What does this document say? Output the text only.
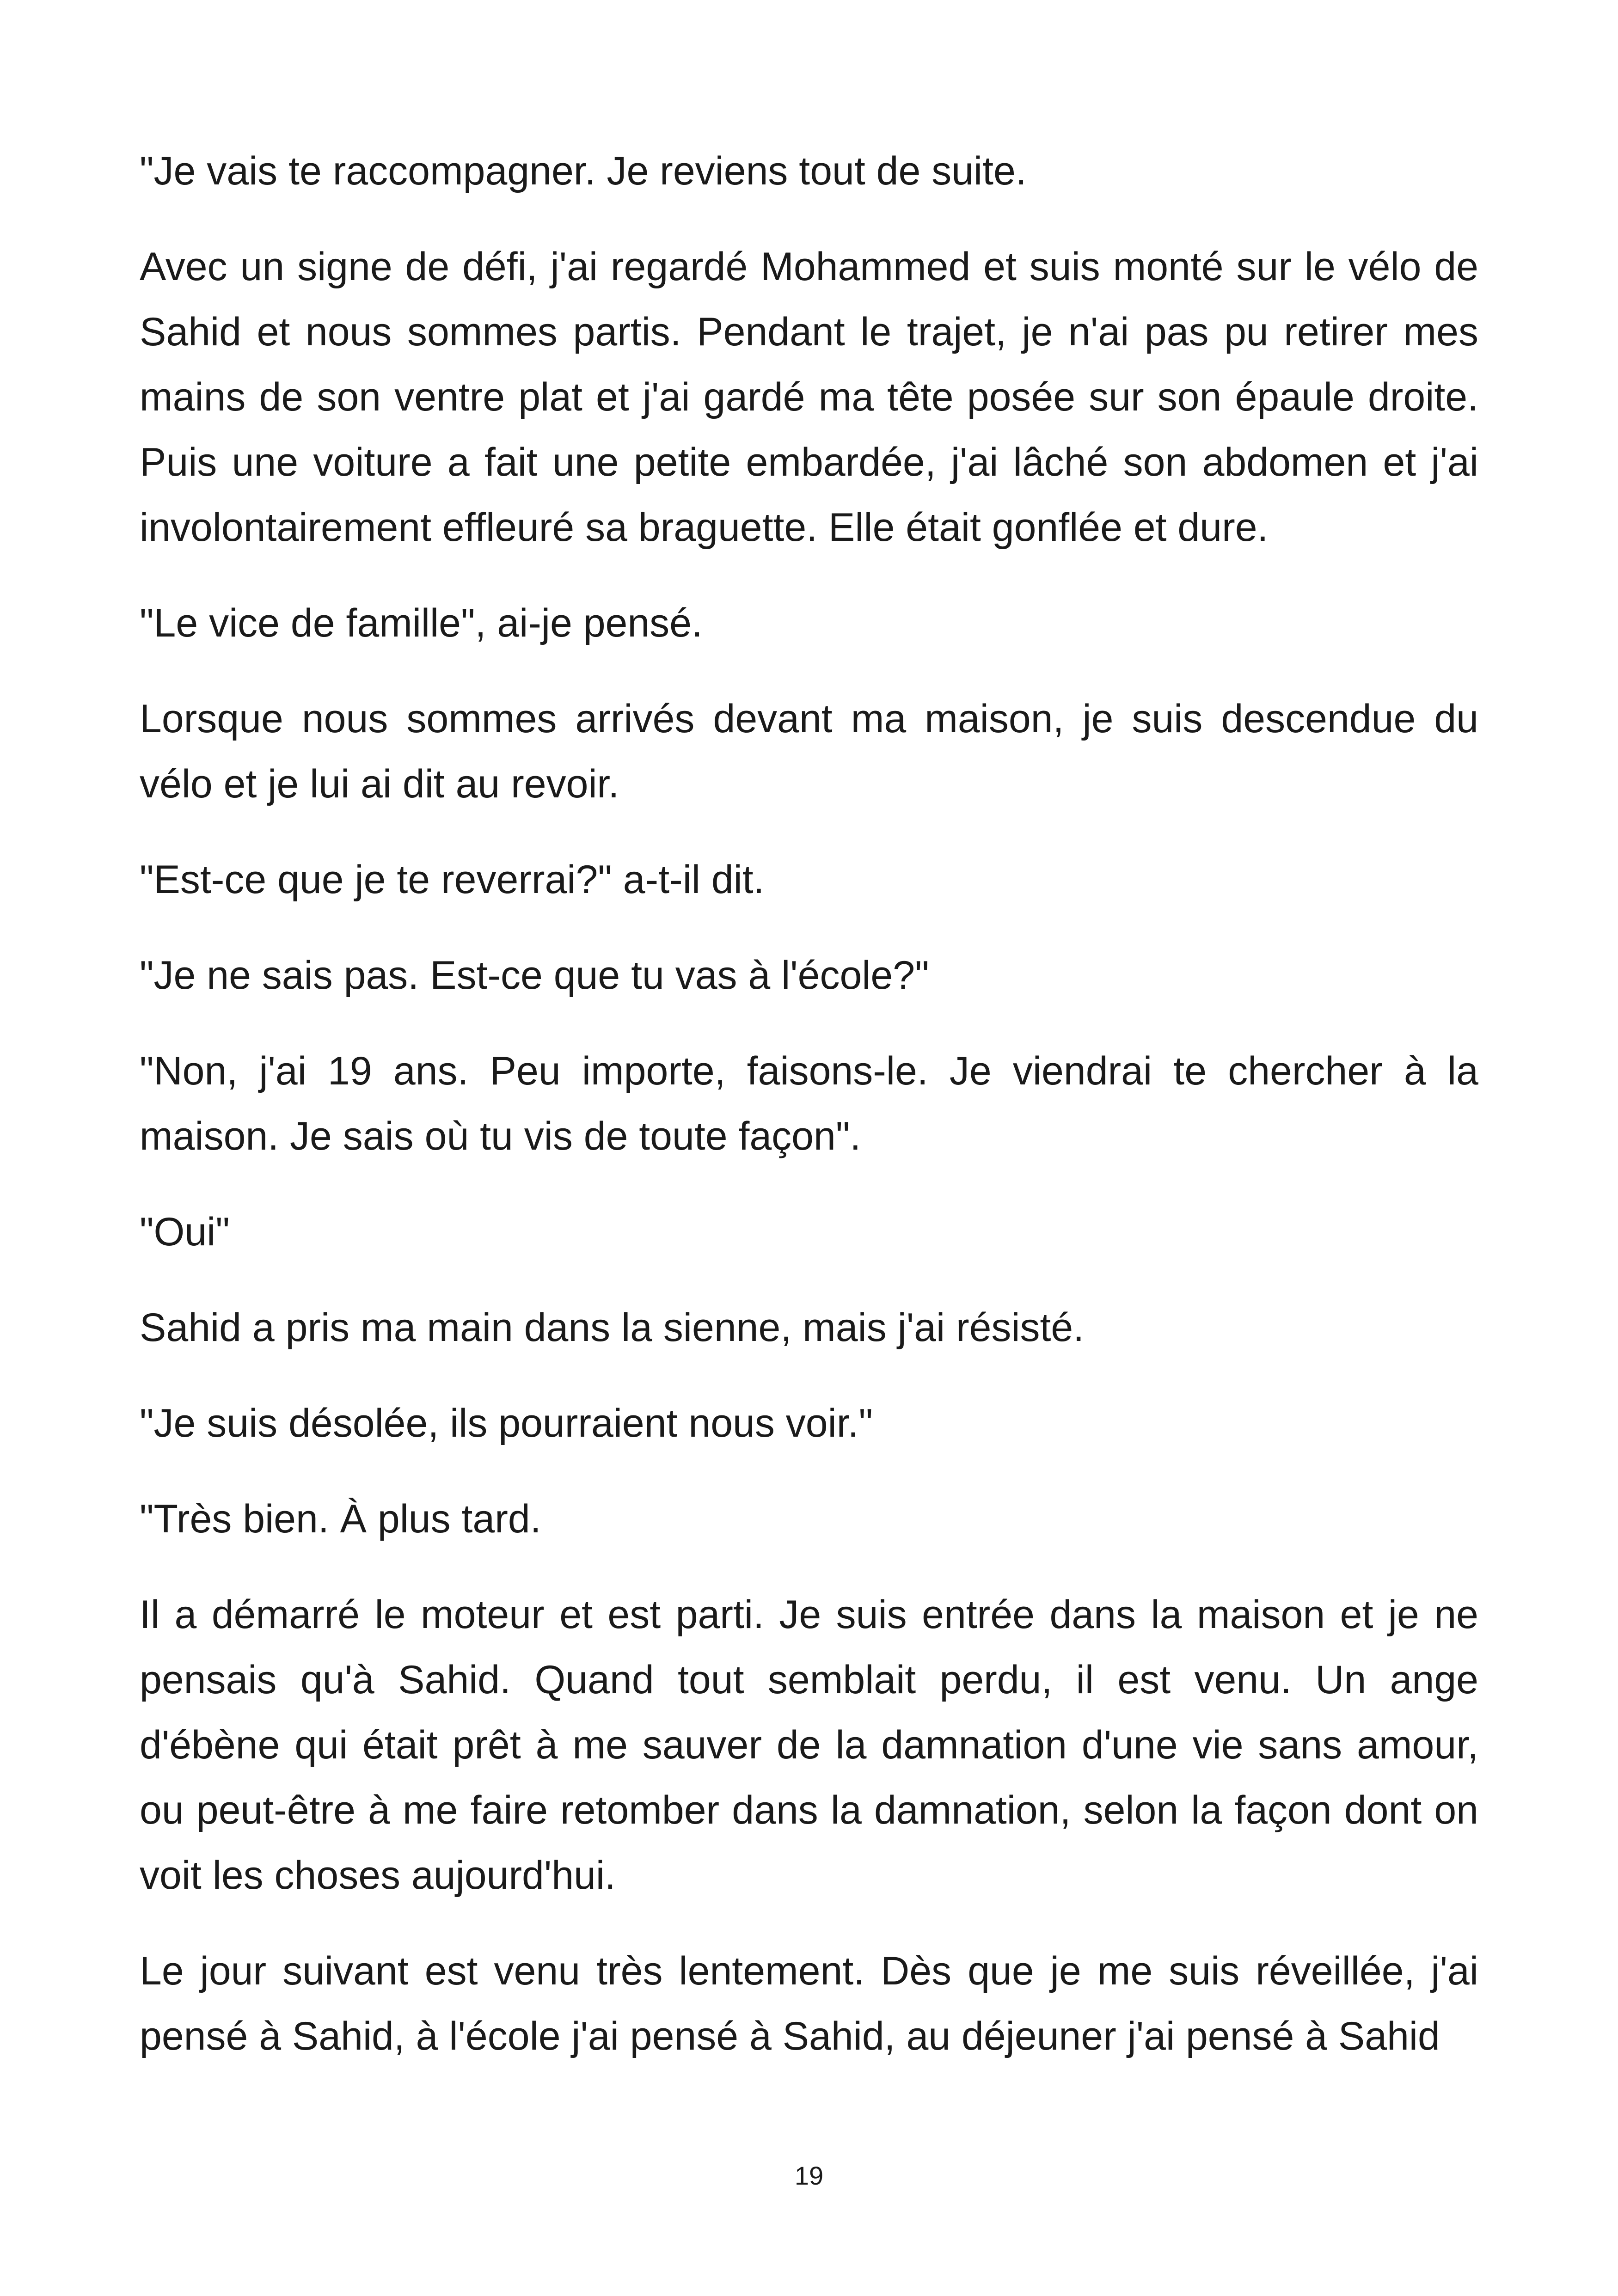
"Je vais te raccompagner. Je reviens tout de suite.

Avec un signe de défi, j'ai regardé Mohammed et suis monté sur le vélo de Sahid et nous sommes partis. Pendant le trajet, je n'ai pas pu retirer mes mains de son ventre plat et j'ai gardé ma tête posée sur son épaule droite. Puis une voiture a fait une petite embardée, j'ai lâché son abdomen et j'ai involontairement effleuré sa braguette. Elle était gonflée et dure.

"Le vice de famille", ai-je pensé.

Lorsque nous sommes arrivés devant ma maison, je suis descendue du vélo et je lui ai dit au revoir.

"Est-ce que je te reverrai?" a-t-il dit.

"Je ne sais pas. Est-ce que tu vas à l'école?"

"Non, j'ai 19 ans. Peu importe, faisons-le. Je viendrai te chercher à la maison. Je sais où tu vis de toute façon".

"Oui"

Sahid a pris ma main dans la sienne, mais j'ai résisté.

"Je suis désolée, ils pourraient nous voir."

"Très bien. À plus tard.

Il a démarré le moteur et est parti. Je suis entrée dans la maison et je ne pensais qu'à Sahid. Quand tout semblait perdu, il est venu. Un ange d'ébène qui était prêt à me sauver de la damnation d'une vie sans amour, ou peut-être à me faire retomber dans la damnation, selon la façon dont on voit les choses aujourd'hui.

Le jour suivant est venu très lentement. Dès que je me suis réveillée, j'ai pensé à Sahid, à l'école j'ai pensé à Sahid, au déjeuner j'ai pensé à Sahid

19
